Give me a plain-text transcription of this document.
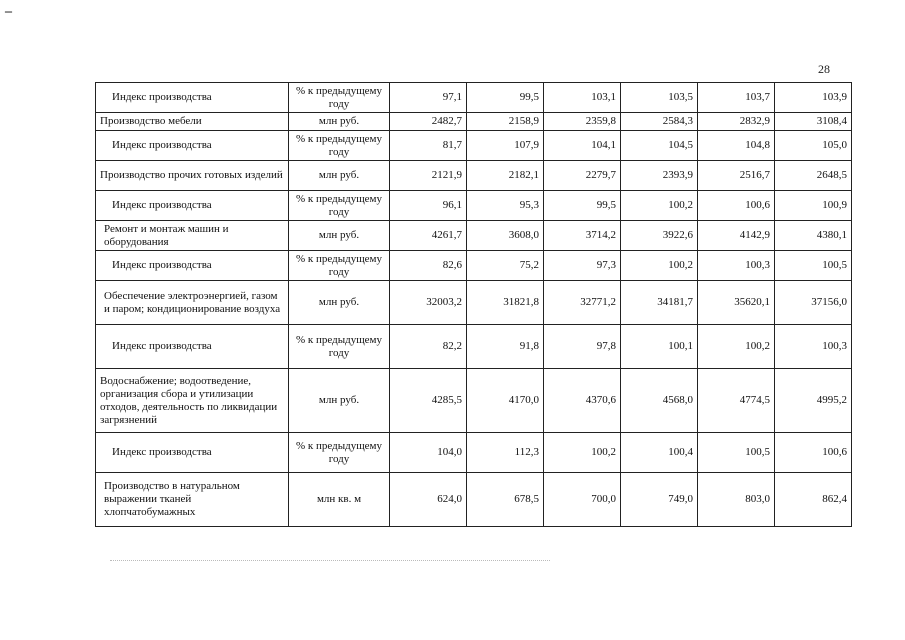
–
28
Индекс производства	% к предыдущему году	97,1	99,5	103,1	103,5	103,7	103,9
Производство мебели	млн руб.	2482,7	2158,9	2359,8	2584,3	2832,9	3108,4
Индекс производства	% к предыдущему году	81,7	107,9	104,1	104,5	104,8	105,0
Производство прочих готовых изделий	млн руб.	2121,9	2182,1	2279,7	2393,9	2516,7	2648,5
Индекс производства	% к предыдущему году	96,1	95,3	99,5	100,2	100,6	100,9
Ремонт и монтаж машин и оборудования	млн руб.	4261,7	3608,0	3714,2	3922,6	4142,9	4380,1
Индекс производства	% к предыдущему году	82,6	75,2	97,3	100,2	100,3	100,5
Обеспечение электроэнергией, газом и паром; кондиционирование воздуха	млн руб.	32003,2	31821,8	32771,2	34181,7	35620,1	37156,0
Индекс производства	% к предыдущему году	82,2	91,8	97,8	100,1	100,2	100,3
Водоснабжение; водоотведение, организация сбора и утилизации отходов, деятельность по ликвидации загрязнений	млн руб.	4285,5	4170,0	4370,6	4568,0	4774,5	4995,2
Индекс производства	% к предыдущему году	104,0	112,3	100,2	100,4	100,5	100,6
Производство в натуральном выражении тканей хлопчатобумажных	млн кв. м	624,0	678,5	700,0	749,0	803,0	862,4
